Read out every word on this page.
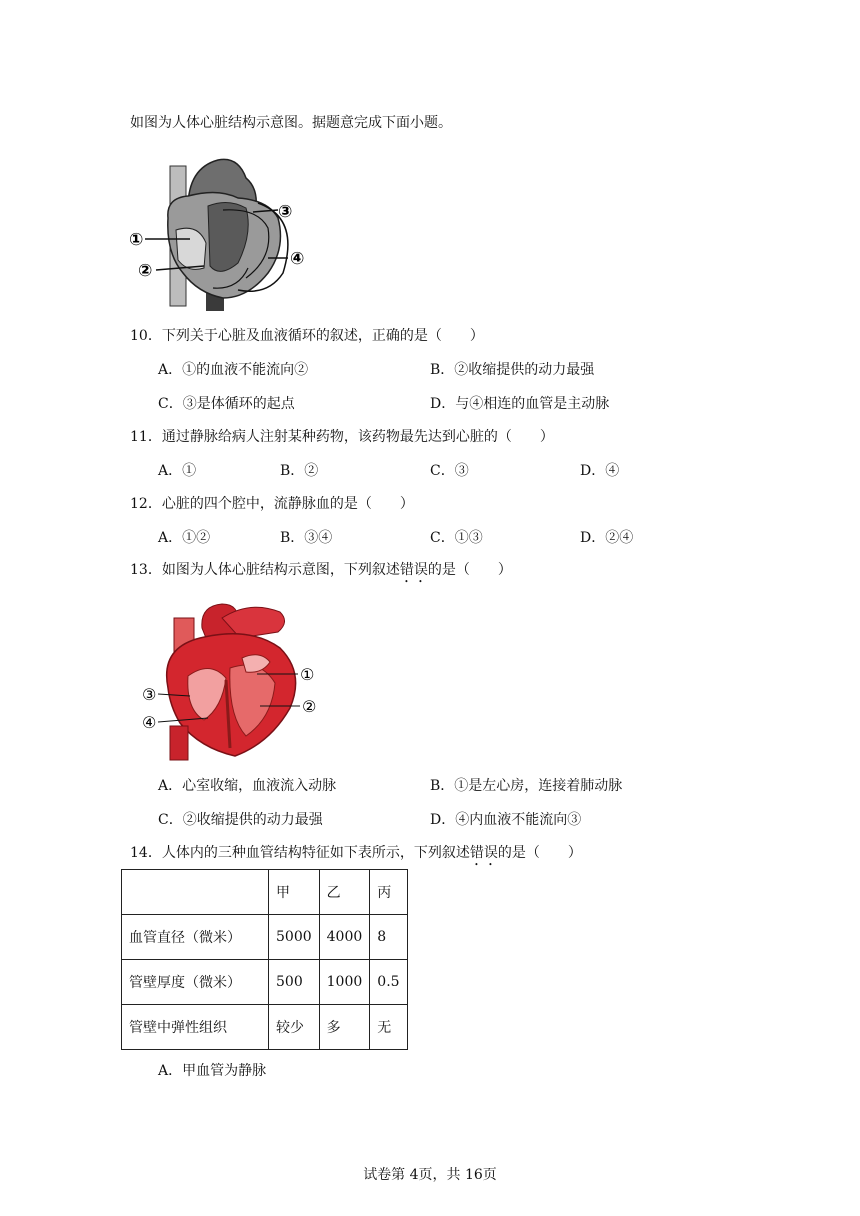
如图为人体心脏结构示意图。据题意完成下面小题。
①
②
③
④
10．下列关于心脏及血液循环的叙述，正确的是（　　）
A．①的血液不能流向②	B．②收缩提供的动力最强
C．③是体循环的起点	D．与④相连的血管是主动脉
11．通过静脉给病人注射某种药物，该药物最先达到心脏的（　　）
A．①	B．②	C．③	D．④
12．心脏的四个腔中，流静脉血的是（　　）
A．①②	B．③④	C．①③	D．②④
13．如图为人体心脏结构示意图，下列叙述错误的是（　　）
①
②
③
④
A．心室收缩，血液流入动脉	B．①是左心房，连接着肺动脉
C．②收缩提供的动力最强	D．④内血液不能流向③
14．人体内的三种血管结构特征如下表所示，下列叙述错误的是（　　）
	甲	乙	丙
血管直径（微米）	5000	4000	8
管壁厚度（微米）	500	1000	0.5
管壁中弹性组织	较少	多	无
A．甲血管为静脉
试卷第 4页，共 16页
